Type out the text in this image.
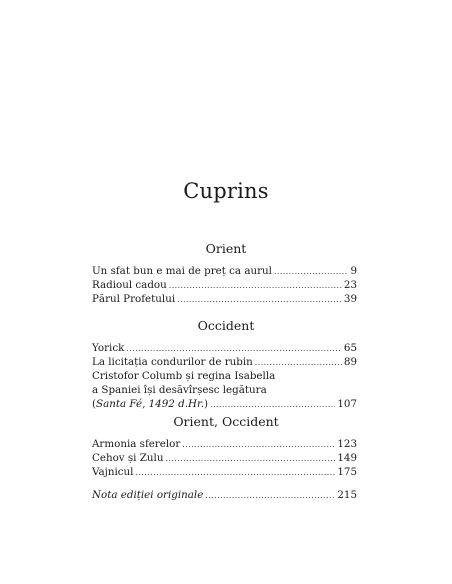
Cuprins
Orient
Un sfat bun e mai de preț ca aurul .....	9
Radioul cadou .....	23
Părul Profetului .....	39
Occident
Yorick .....	65
La licitația condurilor de rubin .....	89
Cristofor Columb și regina Isabella
a Spaniei își desăvîrșesc legătura
(Santa Fé, 1492 d.Hr.) .....	107
Orient, Occident
Armonia sferelor .....	123
Cehov și Zulu .....	149
Vajnicul .....	175
Nota ediției originale .....	215
